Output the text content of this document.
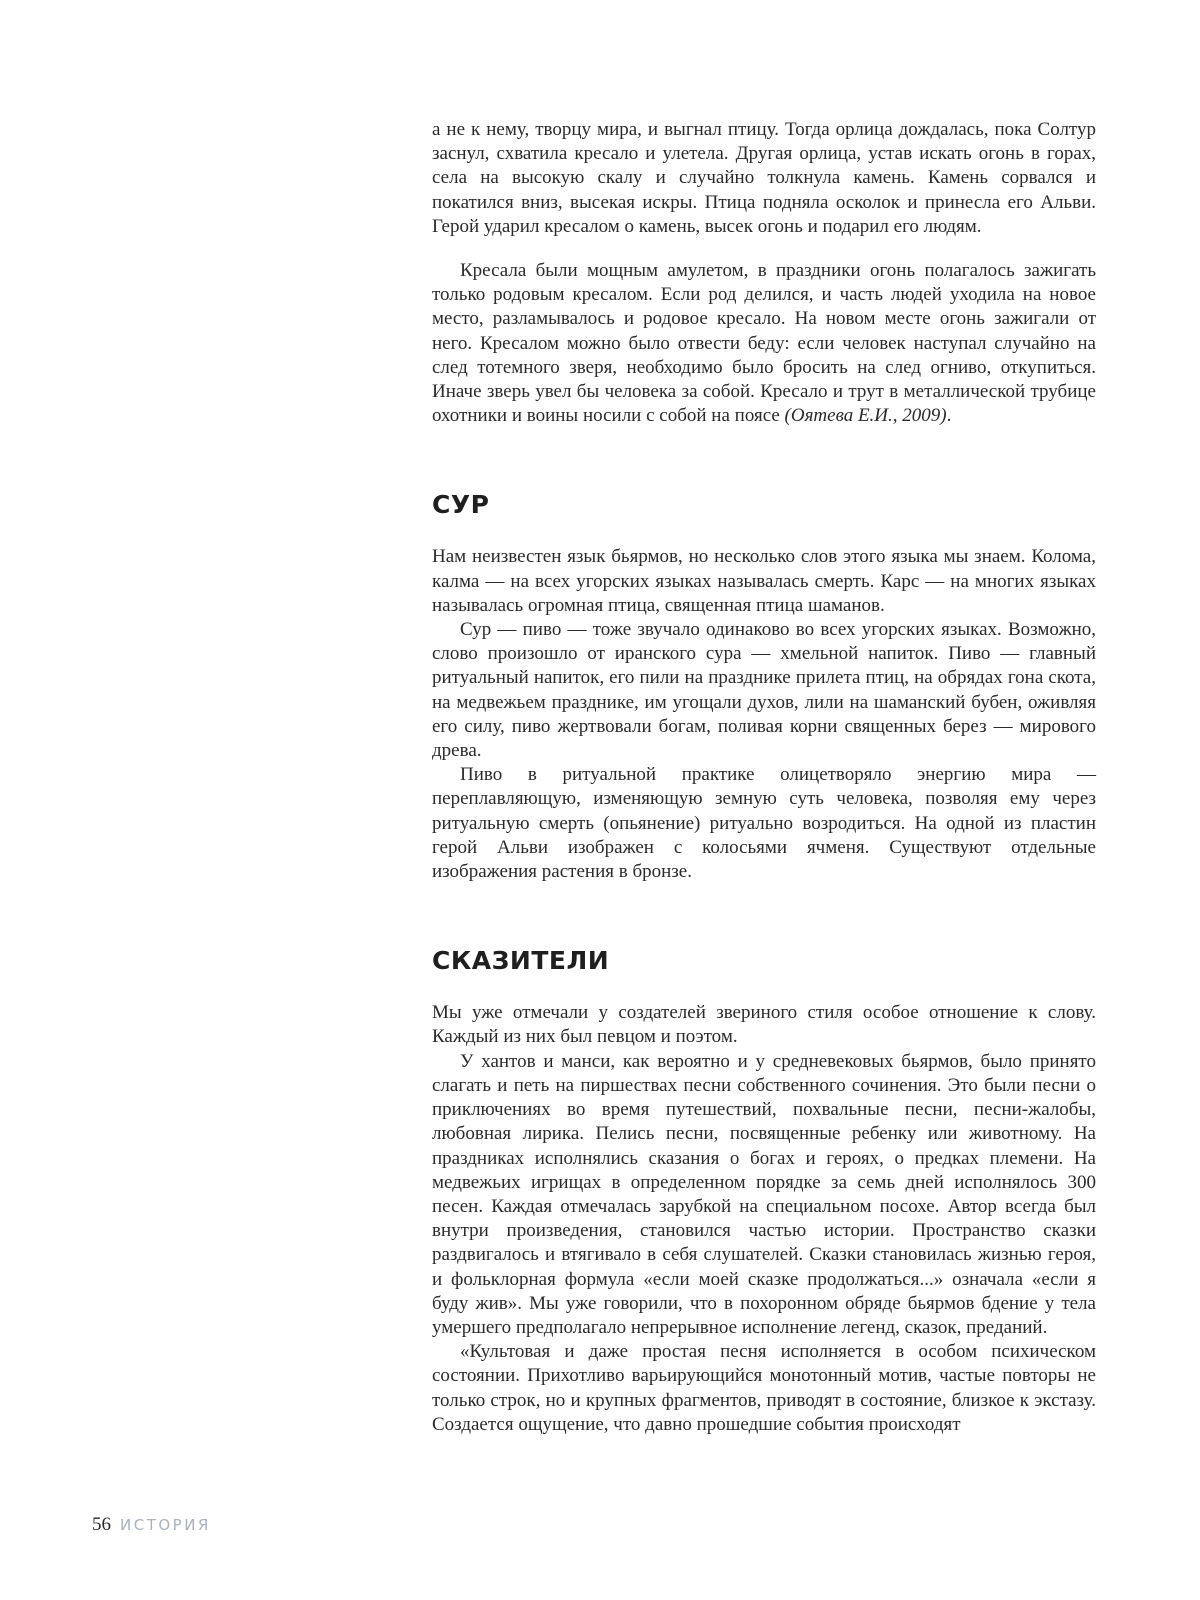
а не к нему, творцу мира, и выгнал птицу. Тогда орлица дождалась, пока Солтур заснул, схватила кресало и улетела. Другая орлица, устав искать огонь в горах, села на высокую скалу и случайно толкнула камень. Камень сорвался и покатился вниз, высекая искры. Птица подняла осколок и принесла его Альви. Герой ударил кресалом о камень, высек огонь и подарил его людям.

Кресала были мощным амулетом, в праздники огонь полагалось зажигать только родовым кресалом. Если род делился, и часть людей уходила на новое место, разламывалось и родовое кресало. На новом месте огонь зажигали от него. Кресалом можно было отвести беду: если человек наступал случайно на след тотемного зверя, необходимо было бросить на след огниво, откупиться. Иначе зверь увел бы человека за собой. Кресало и трут в металлической трубице охотники и воины носили с собой на поясе (Оятева Е.И., 2009).

СУР

Нам неизвестен язык бьярмов, но несколько слов этого языка мы знаем. Колома, калма — на всех угорских языках называлась смерть. Карс — на многих языках называлась огромная птица, священная птица шаманов.

Сур — пиво — тоже звучало одинаково во всех угорских языках. Возможно, слово произошло от иранского сура — хмельной напиток. Пиво — главный ритуальный напиток, его пили на празднике прилета птиц, на обрядах гона скота, на медвежьем празднике, им угощали духов, лили на шаманский бубен, оживляя его силу, пиво жертвовали богам, поливая корни священных берез — мирового древа.

Пиво в ритуальной практике олицетворяло энергию мира — переплавляющую, изменяющую земную суть человека, позволяя ему через ритуальную смерть (опьянение) ритуально возродиться. На одной из пластин герой Альви изображен с колосьями ячменя. Существуют отдельные изображения растения в бронзе.

СКАЗИТЕЛИ

Мы уже отмечали у создателей звериного стиля особое отношение к слову. Каждый из них был певцом и поэтом.

У хантов и манси, как вероятно и у средневековых бьярмов, было принято слагать и петь на пиршествах песни собственного сочинения. Это были песни о приключениях во время путешествий, похвальные песни, песни-жалобы, любовная лирика. Пелись песни, посвященные ребенку или животному. На праздниках исполнялись сказания о богах и героях, о предках племени. На медвежьих игрищах в определенном порядке за семь дней исполнялось 300 песен. Каждая отмечалась зарубкой на специальном посохе. Автор всегда был внутри произведения, становился частью истории. Пространство сказки раздвигалось и втягивало в себя слушателей. Сказки становилась жизнью героя, и фольклорная формула «если моей сказке продолжаться...» означала «если я буду жив». Мы уже говорили, что в похоронном обряде бьярмов бдение у тела умершего предполагало непрерывное исполнение легенд, сказок, преданий.

«Культовая и даже простая песня исполняется в особом психическом состоянии. Прихотливо варьирующийся монотонный мотив, частые повторы не только строк, но и крупных фрагментов, приводят в состояние, близкое к экстазу. Создается ощущение, что давно прошедшие события происходят

56 ИСТОРИЯ
